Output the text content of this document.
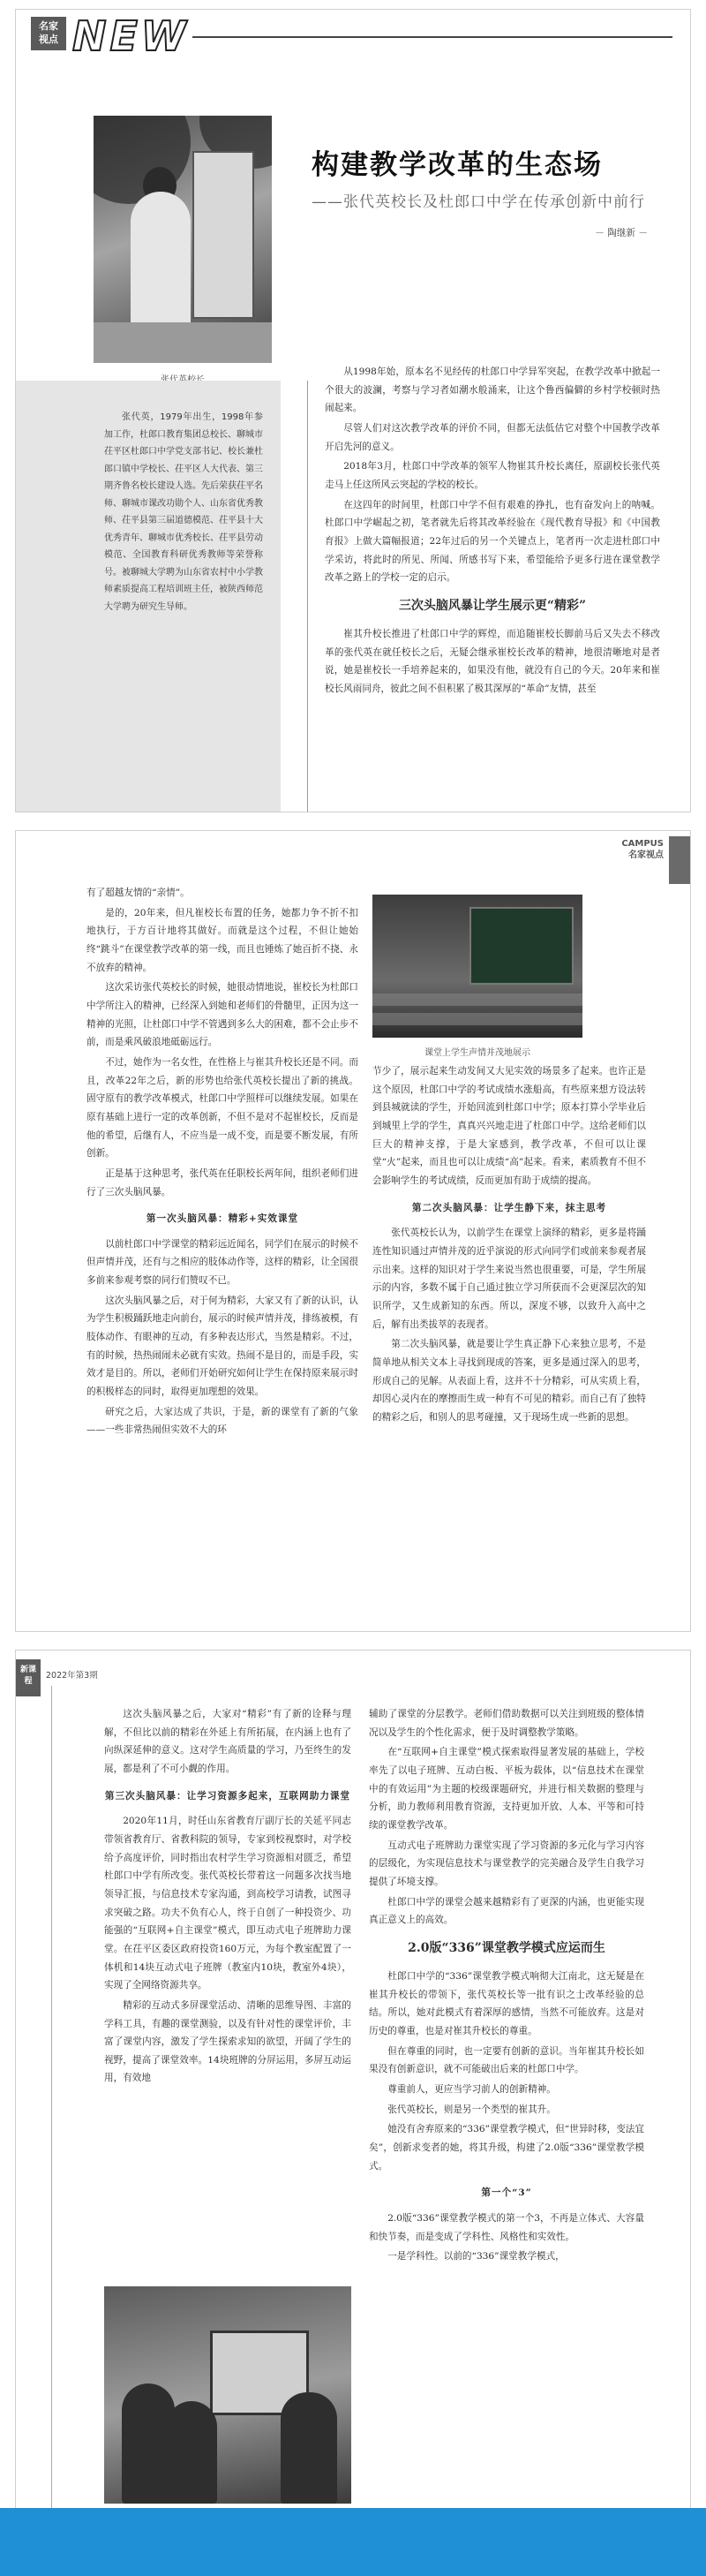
名家
视点 NEW
张代英，1979年出生，1998年参加工作，杜郎口教育集团总校长、聊城市茌平区杜郎口中学党支部书记、校长兼杜郎口镇中学校长、茌平区人大代表、第三期齐鲁名校长建设人选。先后荣获茌平名师、聊城市课改功勋个人、山东省优秀教师、茌平县第三届道德模范、茌平县十大优秀青年、聊城市优秀校长、茌平县劳动模范、全国教育科研优秀教师等荣誉称号。被聊城大学聘为山东省农村中小学教师素质提高工程培训班主任，被陕西师范大学聘为研究生导师。
构建教学改革的生态场
——张代英校长及杜郎口中学在传承创新中前行
－ 陶继新 －

从1998年始，原本名不见经传的杜郎口中学异军突起，在教学改革中掀起一个很大的波澜，考察与学习者如潮水般涌来，让这个鲁西偏僻的乡村学校顿时热闹起来。

尽管人们对这次教学改革的评价不同，但都无法低估它对整个中国教学改革开启先河的意义。

2018年3月，杜郎口中学改革的领军人物崔其升校长离任，原副校长张代英走马上任这所风云突起的学校的校长。

在这四年的时间里，杜郎口中学不但有艰难的挣扎，也有奋发向上的呐喊。杜郎口中学崛起之初，笔者就先后将其改革经验在《现代教育导报》和《中国教育报》上做大篇幅报道；22年过后的另一个关键点上，笔者再一次走进杜郎口中学采访，将此时的所见、所闻、所感书写下来，希望能给予更多行进在课堂教学改革之路上的学校一定的启示。

三次头脑风暴让学生展示更“精彩”

崔其升校长推进了杜郎口中学的辉煌，而追随崔校长脚前马后又失去不移改革的张代英在就任校长之后，无疑会继承崔校长改革的精神，地很清晰地对是者说，她是崔校长一手培养起来的，如果没有他，就没有自己的今天。20年来和崔校长风雨同舟，彼此之间不但积累了极其深厚的“革命”友情，甚至

CAMPUS
名家视点

有了超越友情的“亲情”。

是的，20年来，但凡崔校长布置的任务，她都力争不折不扣地执行，于方百计地将其做好。而就是这个过程，不但让她始终“跳斗”在课堂教学改革的第一线，而且也锤炼了她百折不挠、永不放弃的精神。

这次采访张代英校长的时候，她很动情地说，崔校长为杜郎口中学所注入的精神，已经深入到她和老师们的骨髓里，正因为这一精神的光照，让杜郎口中学不管遇到多么大的困难，都不会止步不前，而是乘风破浪地砥砺远行。

不过，她作为一名女性，在性格上与崔其升校长还是不同。而且，改革22年之后，新的形势也给张代英校长提出了新的挑战。固守原有的教学改革模式，杜郎口中学照样可以继续发展。如果在原有基础上进行一定的改革创新，不但不是对不起崔校长，反而是他的希望，后继有人，不应当是一成不变，而是要不断发展，有所创新。

正是基于这种思考，张代英在任职校长两年间，组织老师们进行了三次头脑风暴。

第一次头脑风暴：精彩+实效课堂

以前杜郎口中学课堂的精彩远近闻名，同学们在展示的时候不但声情并茂，还有与之相应的肢体动作等，这样的精彩，让全国很多前来参观考察的同行们赞叹不已。

这次头脑风暴之后，对于何为精彩，大家又有了新的认识，认为学生积极踊跃地走向前台，展示的时候声情并茂，排练被模，有肢体动作、有眼神的互动，有多种表达形式，当然是精彩。不过，有的时候，热热闹闹未必就有实效。热闹不是目的，而是手段，实效才是目的。所以，老师们开始研究如何让学生在保持原来展示时的积极样态的同时，取得更加理想的效果。

研究之后，大家达成了共识，于是，新的课堂有了新的气象——一些非常热闹但实效不大的环

课堂上学生声情并茂地展示

节少了，展示起来生动发间又大见实效的场景多了起来。也许正是这个原因，杜郎口中学的考试成绩水涨船高，有些原来想方设法转到县城就读的学生，开始回流到杜郎口中学；原本打算小学毕业后到城里上学的学生，真真兴兴地走进了杜郎口中学。这给老师们以巨大的精神支撑，于是大家感到，教学改革，不但可以让课堂“火”起来，而且也可以让成绩“高”起来。看来，素质教育不但不会影响学生的考试成绩，反而更加有助于成绩的提高。

第二次头脑风暴：让学生静下来，抹主思考

张代英校长认为，以前学生在课堂上演绎的精彩，更多是将踊连性知识通过声情并茂的近乎演说的形式向同学们或前来参观者展示出来。这样的知识对于学生来说当然也很重要，可是，学生所展示的内容，多数不属于自己通过独立学习所获而不会更深层次的知识所学，又生成新知的东西。所以，深度不够，以致升入高中之后，解有出类拔萃的表现者。

第二次头脑风暴，就是要让学生真正静下心来独立思考，不是简单地从相关文本上寻找到现成的答案，更多是通过深入的思考，形成自己的见解。从表面上看，这并不十分精彩，可从实质上看，却因心灵内在的摩擦而生成一种有不可见的精彩。而自己有了独特的精彩之后，和别人的思考碰撞，又于现场生成一些新的思想。

新课
程
2022年第3期

这次头脑风暴之后，大家对“精彩”有了新的诠释与理解，不但比以前的精彩在外延上有所拓展，在内涵上也有了向纵深延伸的意义。这对学生高质量的学习，乃至终生的发展，都是利了不可小觑的作用。

第三次头脑风暴：让学习资源多起来，互联网助力课堂

2020年11月，时任山东省教育厅副厅长的关延平同志带领省教育厅、省教科院的领导，专家到校视察时，对学校给予高度评价，同时指出农村学生学习资源相对匮乏，希望杜郎口中学有所改变。张代英校长带着这一问题多次找当地领导汇报，与信息技术专家沟通，到高校学习请教，试图寻求突破之路。功夫不负有心人，终于自创了一种投资少、功能强的“互联网+自主课堂”模式，即互动式电子班牌助力课堂。在茌平区委区政府投资160万元，为每个教室配置了一体机和14块互动式电子班牌（教室内10块，教室外4块），实现了全网络资源共享。

精彩的互动式多屏课堂活动、清晰的思维导图、丰富的学科工具，有趣的课堂测验，以及有针对性的课堂评价，丰富了课堂内容，激发了学生探索求知的欲望，开阔了学生的视野，提高了课堂效率。14块班牌的分屏运用，多屏互动运用，有效地

辅助了课堂的分层教学。老师们借助数据可以关注到班级的整体情况以及学生的个性化需求，便于及时调整教学策略。

在“互联网+自主课堂”模式探索取得显著发展的基础上，学校率先了以电子班牌、互动白板、平板为载体，以“信息技术在课堂中的有效运用”为主题的校级课题研究，并进行相关数据的整理与分析，助力教师利用教育资源，支持更加开放、人本、平等和可持续的课堂教学改革。

互动式电子班牌助力课堂实现了学习资源的多元化与学习内容的层级化，为实现信息技术与课堂教学的完美融合及学生自我学习提供了坏境支撑。

杜郎口中学的课堂会越来越精彩有了更深的内涵，也更能实现真正意义上的高效。

2.0版“336”课堂教学模式应运而生

杜郎口中学的“336”课堂教学模式响彻大江南北，这无疑是在崔其升校长的带领下，张代英校长等一批有识之士改革经验的总结。所以，她对此模式有着深厚的感情，当然不可能放弃。这是对历史的尊重，也是对崔其升校长的尊重。

但在尊重的同时，也一定要有创新的意识。当年崔其升校长如果没有创新意识，就不可能破出后来的杜郎口中学。

尊重前人，更应当学习前人的创新精神。

张代英校长，则是另一个类型的崔其升。

她没有舍弃原来的“336”课堂教学模式，但“世异时移，变法宜矣”，创新求变者的她，将其升级，构建了2.0版“336”课堂教学模式。

第一个“3”

2.0版“336”课堂教学模式的第一个3，不再是立体式、大容量和快节奏，而是变成了学科性、风格性和实效性。

一是学科性。以前的“336”课堂教学模式，
